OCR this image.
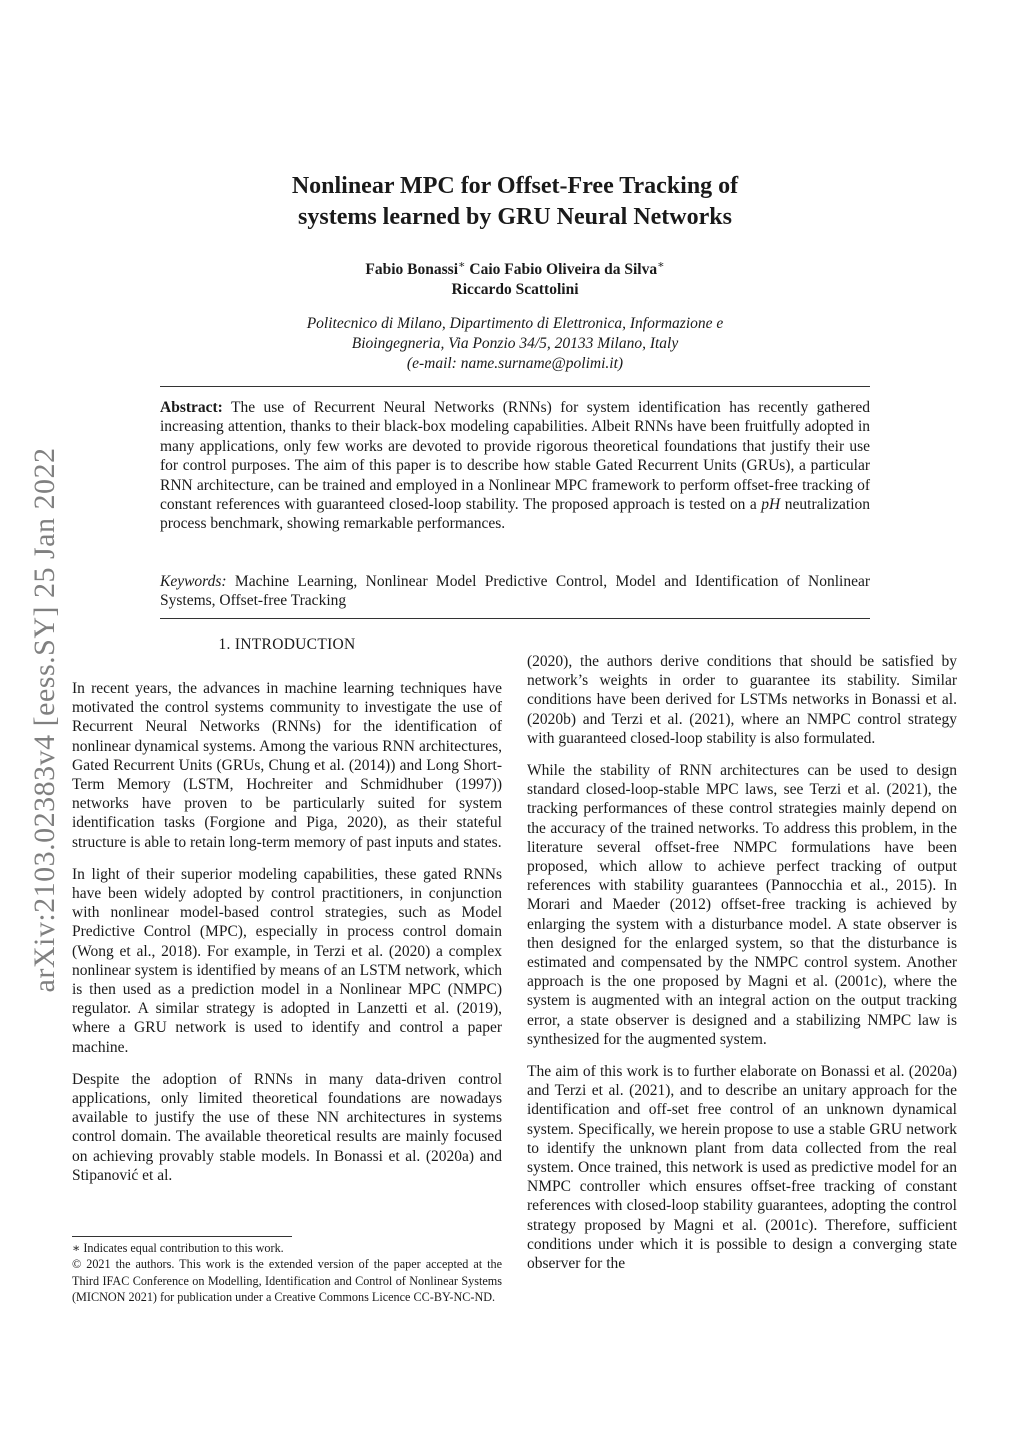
arXiv:2103.02383v4 [eess.SY] 25 Jan 2022
Nonlinear MPC for Offset-Free Tracking of
systems learned by GRU Neural Networks
Fabio Bonassi∗ Caio Fabio Oliveira da Silva∗
Riccardo Scattolini
Politecnico di Milano, Dipartimento di Elettronica, Informazione e
Bioingegneria, Via Ponzio 34/5, 20133 Milano, Italy
(e-mail: name.surname@polimi.it)
Abstract: The use of Recurrent Neural Networks (RNNs) for system identification has recently gathered increasing attention, thanks to their black-box modeling capabilities. Albeit RNNs have been fruitfully adopted in many applications, only few works are devoted to provide rigorous theoretical foundations that justify their use for control purposes. The aim of this paper is to describe how stable Gated Recurrent Units (GRUs), a particular RNN architecture, can be trained and employed in a Nonlinear MPC framework to perform offset-free tracking of constant references with guaranteed closed-loop stability. The proposed approach is tested on a pH neutralization process benchmark, showing remarkable performances.
Keywords: Machine Learning, Nonlinear Model Predictive Control, Model and Identification of Nonlinear Systems, Offset-free Tracking
1. INTRODUCTION

In recent years, the advances in machine learning techniques have motivated the control systems community to investigate the use of Recurrent Neural Networks (RNNs) for the identification of nonlinear dynamical systems. Among the various RNN architectures, Gated Recurrent Units (GRUs, Chung et al. (2014)) and Long Short-Term Memory (LSTM, Hochreiter and Schmidhuber (1997)) networks have proven to be particularly suited for system identification tasks (Forgione and Piga, 2020), as their stateful structure is able to retain long-term memory of past inputs and states.

In light of their superior modeling capabilities, these gated RNNs have been widely adopted by control practitioners, in conjunction with nonlinear model-based control strategies, such as Model Predictive Control (MPC), especially in process control domain (Wong et al., 2018). For example, in Terzi et al. (2020) a complex nonlinear system is identified by means of an LSTM network, which is then used as a prediction model in a Nonlinear MPC (NMPC) regulator. A similar strategy is adopted in Lanzetti et al. (2019), where a GRU network is used to identify and control a paper machine.

Despite the adoption of RNNs in many data-driven control applications, only limited theoretical foundations are nowadays available to justify the use of these NN architectures in systems control domain. The available theoretical results are mainly focused on achieving provably stable models. In Bonassi et al. (2020a) and Stipanović et al.

(2020), the authors derive conditions that should be satisfied by network’s weights in order to guarantee its stability. Similar conditions have been derived for LSTMs networks in Bonassi et al. (2020b) and Terzi et al. (2021), where an NMPC control strategy with guaranteed closed-loop stability is also formulated.

While the stability of RNN architectures can be used to design standard closed-loop-stable MPC laws, see Terzi et al. (2021), the tracking performances of these control strategies mainly depend on the accuracy of the trained networks. To address this problem, in the literature several offset-free NMPC formulations have been proposed, which allow to achieve perfect tracking of output references with stability guarantees (Pannocchia et al., 2015). In Morari and Maeder (2012) offset-free tracking is achieved by enlarging the system with a disturbance model. A state observer is then designed for the enlarged system, so that the disturbance is estimated and compensated by the NMPC control system. Another approach is the one proposed by Magni et al. (2001c), where the system is augmented with an integral action on the output tracking error, a state observer is designed and a stabilizing NMPC law is synthesized for the augmented system.

The aim of this work is to further elaborate on Bonassi et al. (2020a) and Terzi et al. (2021), and to describe an unitary approach for the identification and off-set free control of an unknown dynamical system. Specifically, we herein propose to use a stable GRU network to identify the unknown plant from data collected from the real system. Once trained, this network is used as predictive model for an NMPC controller which ensures offset-free tracking of constant references with closed-loop stability guarantees, adopting the control strategy proposed by Magni et al. (2001c). Therefore, sufficient conditions under which it is possible to design a converging state observer for the

∗ Indicates equal contribution to this work.

© 2021 the authors. This work is the extended version of the paper accepted at the Third IFAC Conference on Modelling, Identification and Control of Nonlinear Systems (MICNON 2021) for publication under a Creative Commons Licence CC-BY-NC-ND.
